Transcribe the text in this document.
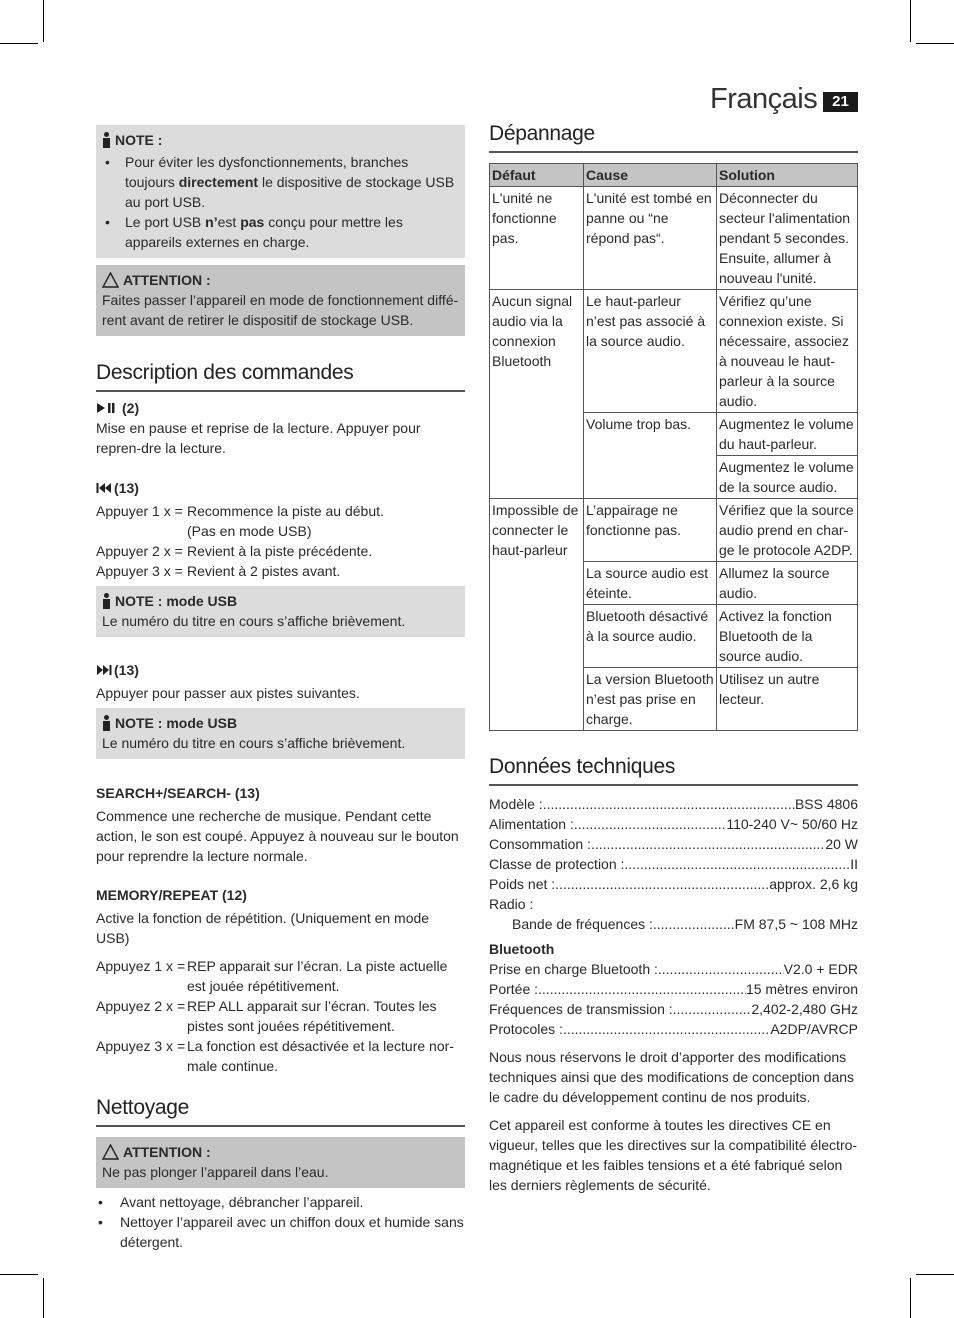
Français 21
NOTE :
• Pour éviter les dysfonctionnements, branches toujours directement le dispositive de stockage USB au port USB.
• Le port USB n’est pas conçu pour mettre les appareils externes en charge.
ATTENTION :

Faites passer l’appareil en mode de fonctionnement diffé-rent avant de retirer le dispositif de stockage USB.

Description des commandes
(2)

Mise en pause et reprise de la lecture. Appuyer pour repren-dre la lecture.

(13)
Appuyer 1 x = Recommence la piste au début.
(Pas en mode USB)
Appuyer 2 x = Revient à la piste précédente.
Appuyer 3 x = Revient à 2 pistes avant.
NOTE : mode USB

Le numéro du titre en cours s’affiche brièvement.

(13)

Appuyer pour passer aux pistes suivantes.

NOTE : mode USB

Le numéro du titre en cours s’affiche brièvement.

SEARCH+/SEARCH- (13)

Commence une recherche de musique. Pendant cette action, le son est coupé. Appuyez à nouveau sur le bouton pour reprendre la lecture normale.

MEMORY/REPEAT (12)

Active la fonction de répétition. (Uniquement en mode USB)

Appuyez 1 x = REP apparait sur l’écran. La piste actuelle est jouée répétitivement.
Appuyez 2 x = REP ALL apparait sur l’écran. Toutes les pistes sont jouées répétitivement.
Appuyez 3 x = La fonction est désactivée et la lecture nor-male continue.
Nettoyage
ATTENTION :

Ne pas plonger l’appareil dans l’eau.

• Avant nettoyage, débrancher l’appareil.
• Nettoyer l’appareil avec un chiffon doux et humide sans détergent.
Dépannage
Défaut	Cause	Solution
L'unité ne fonctionne pas.	L'unité est tombé en panne ou “ne répond pas“.	Déconnecter du secteur l'alimentation pendant 5 secondes. Ensuite, allumer à nouveau l'unité.
Aucun signal audio via la connexion Bluetooth	Le haut-parleur n’est pas associé à la source audio.	Vérifiez qu’une connexion existe. Si nécessaire, associez à nouveau le haut-parleur à la source audio.
	Volume trop bas.	Augmentez le volume du haut-parleur.
		Augmentez le volume de la source audio.
Impossible de connecter le haut-parleur	L’appairage ne fonctionne pas.	Vérifiez que la source audio prend en char-ge le protocole A2DP.
	La source audio est éteinte.	Allumez la source audio.
	Bluetooth désactivé à la source audio.	Activez la fonction Bluetooth de la source audio.
	La version Bluetooth n’est pas prise en charge.	Utilisez un autre lecteur.
Données techniques
Modèle : .....	BSS 4806
Alimentation : .....	110-240 V~ 50/60 Hz
Consommation : .....	20 W
Classe de protection : .....	II
Poids net : .....	approx. 2,6 kg
Radio :
Bande de fréquences : .....	FM 87,5 ~ 108 MHz
Bluetooth
Prise en charge Bluetooth : .....	V2.0 + EDR
Portée : .....	15 mètres environ
Fréquences de transmission : .....	2,402-2,480 GHz
Protocoles : .....	A2DP/AVRCP

Nous nous réservons le droit d’apporter des modifications techniques ainsi que des modifications de conception dans le cadre du développement continu de nos produits.

Cet appareil est conforme à toutes les directives CE en vigueur, telles que les directives sur la compatibilité électro-magnétique et les faibles tensions et a été fabriqué selon les derniers règlements de sécurité.
